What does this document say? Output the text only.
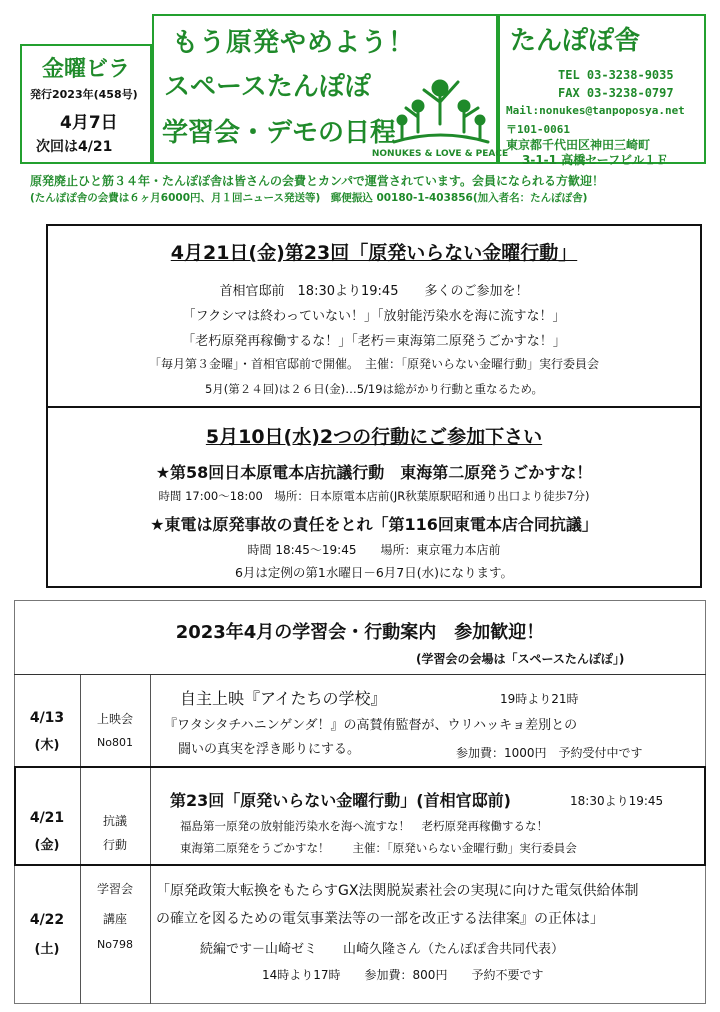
金曜ビラ
発行2023年(458号)
4月7日
次回は4/21
もう原発やめよう！
スペースたんぽぽ
学習会・デモの日程
NONUKES & LOVE & PEACE
たんぽぽ舎
TEL 03-3238-9035
FAX 03-3238-0797
Mail:nonukes@tanpoposya.net
〒101-0061
東京都千代田区神田三崎町
3-1-1 高橋セーフビル１Ｆ
原発廃止ひと筋３４年・たんぽぽ舎は皆さんの会費とカンパで運営されています。会員になられる方歓迎！
(たんぽぽ舎の会費は６ヶ月6000円、月１回ニュース発送等)　郵便振込 00180-1-403856(加入者名：たんぽぽ舎)
4月21日(金)第23回「原発いらない金曜行動」
首相官邸前　18:30より19:45　　多くのご参加を！
「フクシマは終わっていない！」「放射能汚染水を海に流すな！」
「老朽原発再稼働するな！」「老朽＝東海第二原発うごかすな！」
「毎月第３金曜」・首相官邸前で開催。　主催：「原発いらない金曜行動」実行委員会
5月(第２４回)は２６日(金)…5/19は総がかり行動と重なるため。
5月10日(水)2つの行動にご参加下さい
★第58回日本原電本店抗議行動　東海第二原発うごかすな！
時間 17:00～18:00　場所：日本原電本店前(JR秋葉原駅昭和通り出口より徒歩7分)
★東電は原発事故の責任をとれ「第116回東電本店合同抗議」
時間 18:45～19:45　　場所：東京電力本店前
6月は定例の第1水曜日－6月7日(水)になります。
2023年4月の学習会・行動案内　参加歓迎！
(学習会の会場は「スペースたんぽぽ」)
4/13
(木)
上映会
No801
自主上映『アイたちの学校』	19時より21時
『ワタシタチハニンゲンダ！』の高賛侑監督が、ウリハッキョ差別との
闘いの真実を浮き彫りにする。	参加費：1000円　予約受付中です
4/21
(金)
抗議
行動
第23回「原発いらない金曜行動」(首相官邸前)	18:30より19:45
福島第一原発の放射能汚染水を海へ流すな！　老朽原発再稼働するな！
東海第二原発をうごかすな！　　主催：「原発いらない金曜行動」実行委員会
4/22
(土)
学習会
講座
No798
「原発政策大転換をもたらすGX法関脱炭素社会の実現に向けた電気供給体制
の確立を図るための電気事業法等の一部を改正する法律案』の正体は」
続編です－山崎ゼミ　　山崎久隆さん（たんぽぽ舎共同代表）
14時より17時　　参加費：800円　　予約不要です
